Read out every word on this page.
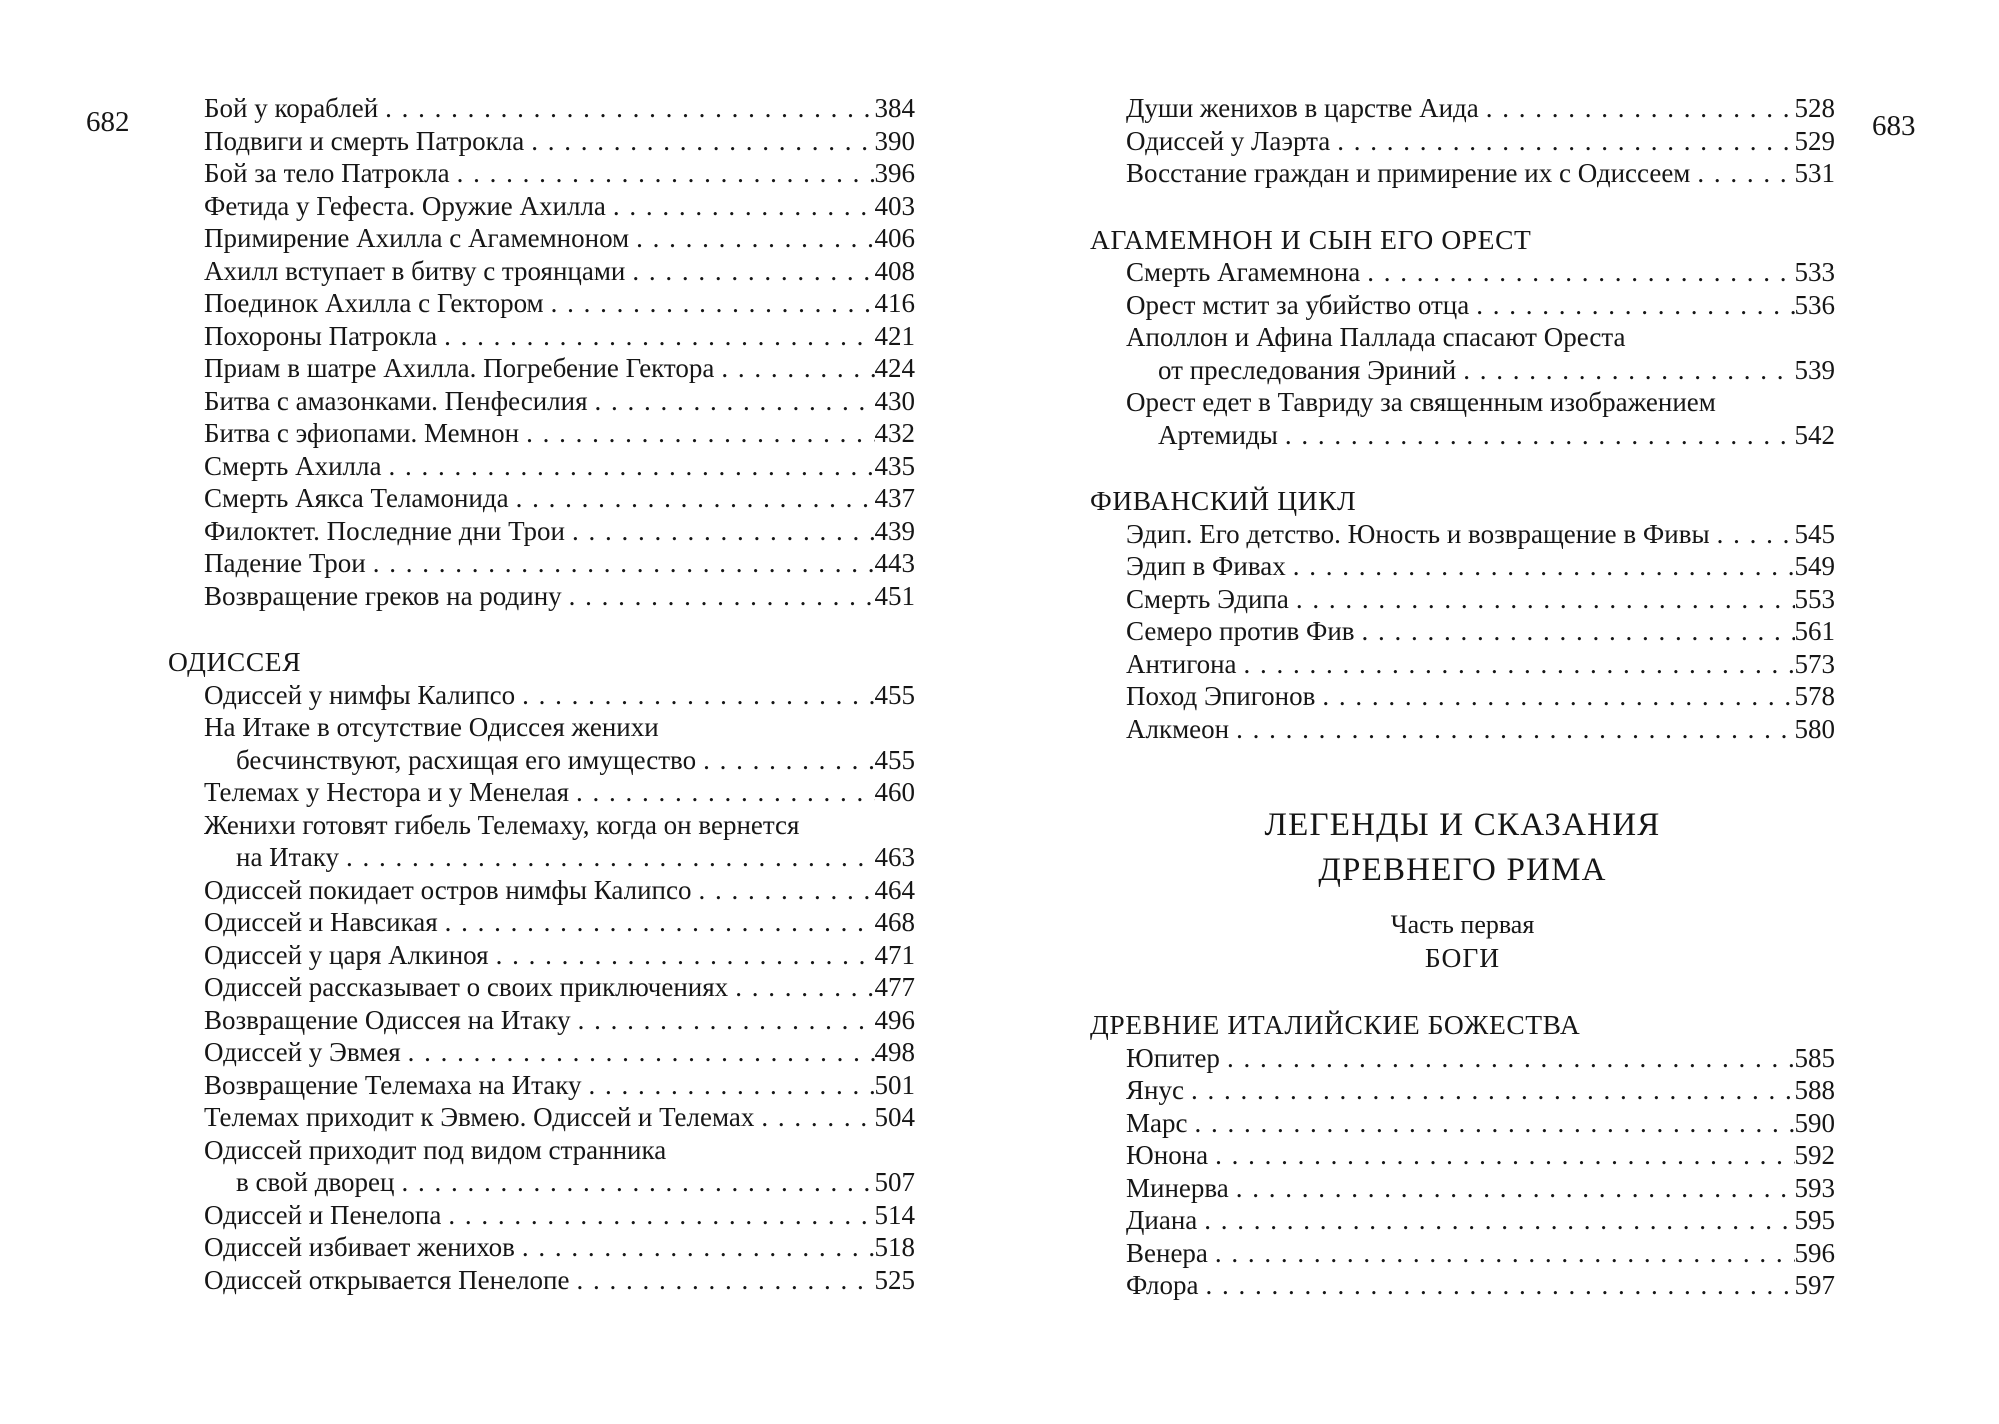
682	683
Бой у кораблей . . .	384
Подвиги и смерть Патрокла . . .	390
Бой за тело Патрокла . . .	396
Фетида у Гефеста. Оружие Ахилла . . .	403
Примирение Ахилла с Агамемноном . . .	406
Ахилл вступает в битву с троянцами . . .	408
Поединок Ахилла с Гектором . . .	416
Похороны Патрокла . . .	421
Приам в шатре Ахилла. Погребение Гектора . . .	424
Битва с амазонками. Пенфесилия . . .	430
Битва с эфиопами. Мемнон . . .	432
Смерть Ахилла . . .	435
Смерть Аякса Теламонида . . .	437
Филоктет. Последние дни Трои . . .	439
Падение Трои . . .	443
Возвращение греков на родину . . .	451
ОДИССЕЯ
Одиссей у нимфы Калипсо . . .	455
На Итаке в отсутствие Одиссея женихи
бесчинствуют, расхищая его имущество . . .	455
Телемах у Нестора и у Менелая . . .	460
Женихи готовят гибель Телемаху, когда он вернется
на Итаку . . .	463
Одиссей покидает остров нимфы Калипсо . . .	464
Одиссей и Навсикая . . .	468
Одиссей у царя Алкиноя . . .	471
Одиссей рассказывает о своих приключениях . . .	477
Возвращение Одиссея на Итаку . . .	496
Одиссей у Эвмея . . .	498
Возвращение Телемаха на Итаку . . .	501
Телемах приходит к Эвмею. Одиссей и Телемах . . .	504
Одиссей приходит под видом странника
в свой дворец . . .	507
Одиссей и Пенелопа . . .	514
Одиссей избивает женихов . . .	518
Одиссей открывается Пенелопе . . .	525
Души женихов в царстве Аида . . .	528
Одиссей у Лаэрта . . .	529
Восстание граждан и примирение их с Одиссеем . . .	531
АГАМЕМНОН И СЫН ЕГО ОРЕСТ
Смерть Агамемнона . . .	533
Орест мстит за убийство отца . . .	536
Аполлон и Афина Паллада спасают Ореста
от преследования Эриний . . .	539
Орест едет в Тавриду за священным изображением
Артемиды . . .	542
ФИВАНСКИЙ ЦИКЛ
Эдип. Его детство. Юность и возвращение в Фивы . . .	545
Эдип в Фивах . . .	549
Смерть Эдипа . . .	553
Семеро против Фив . . .	561
Антигона . . .	573
Поход Эпигонов . . .	578
Алкмеон . . .	580
ЛЕГЕНДЫ И СКАЗАНИЯ
ДРЕВНЕГО РИМА
Часть первая
БОГИ
ДРЕВНИЕ ИТАЛИЙСКИЕ БОЖЕСТВА
Юпитер . . .	585
Янус . . .	588
Марс . . .	590
Юнона . . .	592
Минерва . . .	593
Диана . . .	595
Венера . . .	596
Флора . . .	597
